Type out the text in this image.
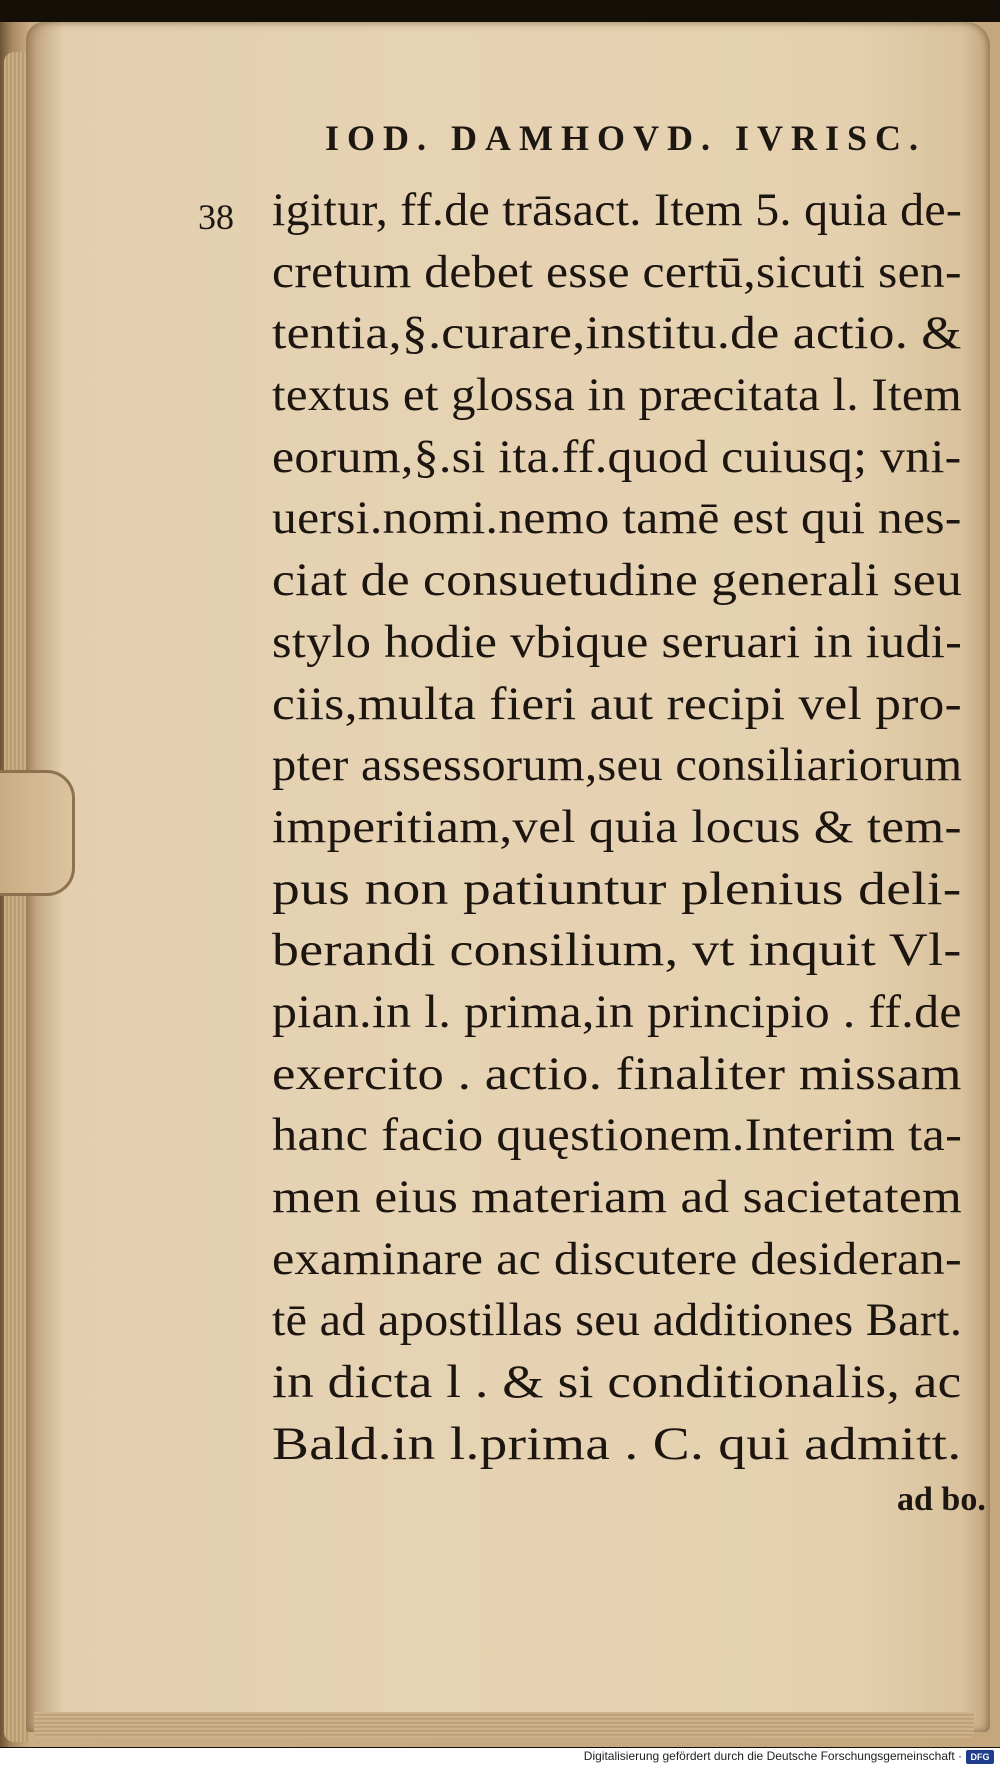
IOD. DAMHOVD. IVRISC.
38 igitur, ff.de trāsact. Item 5. quia de-
cretum debet esse certū,sicuti sen-
tentia,§.curare,institu.de actio. &
textus et glossa in præcitata l. Item
eorum,§.si ita.ff.quod cuiusq; vni-
uersi.nomi.nemo tamē est qui nes-
ciat de consuetudine generali seu
stylo hodie vbique seruari in iudi-
ciis,multa fieri aut recipi vel pro-
pter assessorum,seu consiliariorum
imperitiam,vel quia locus & tem-
pus non patiuntur plenius deli-
berandi consilium, vt inquit Vl-
pian.in l. prima,in principio . ff.de
exercito . actio. finaliter missam
hanc facio quęstionem.Interim ta-
men eius materiam ad sacietatem
examinare ac discutere desideran-
tē ad apostillas seu additiones Bart.
in dicta l . & si conditionalis, ac
Bald.in l.prima . C. qui admitt.
ad bo.
Digitalisierung gefördert durch die Deutsche Forschungsgemeinschaft · DFG
